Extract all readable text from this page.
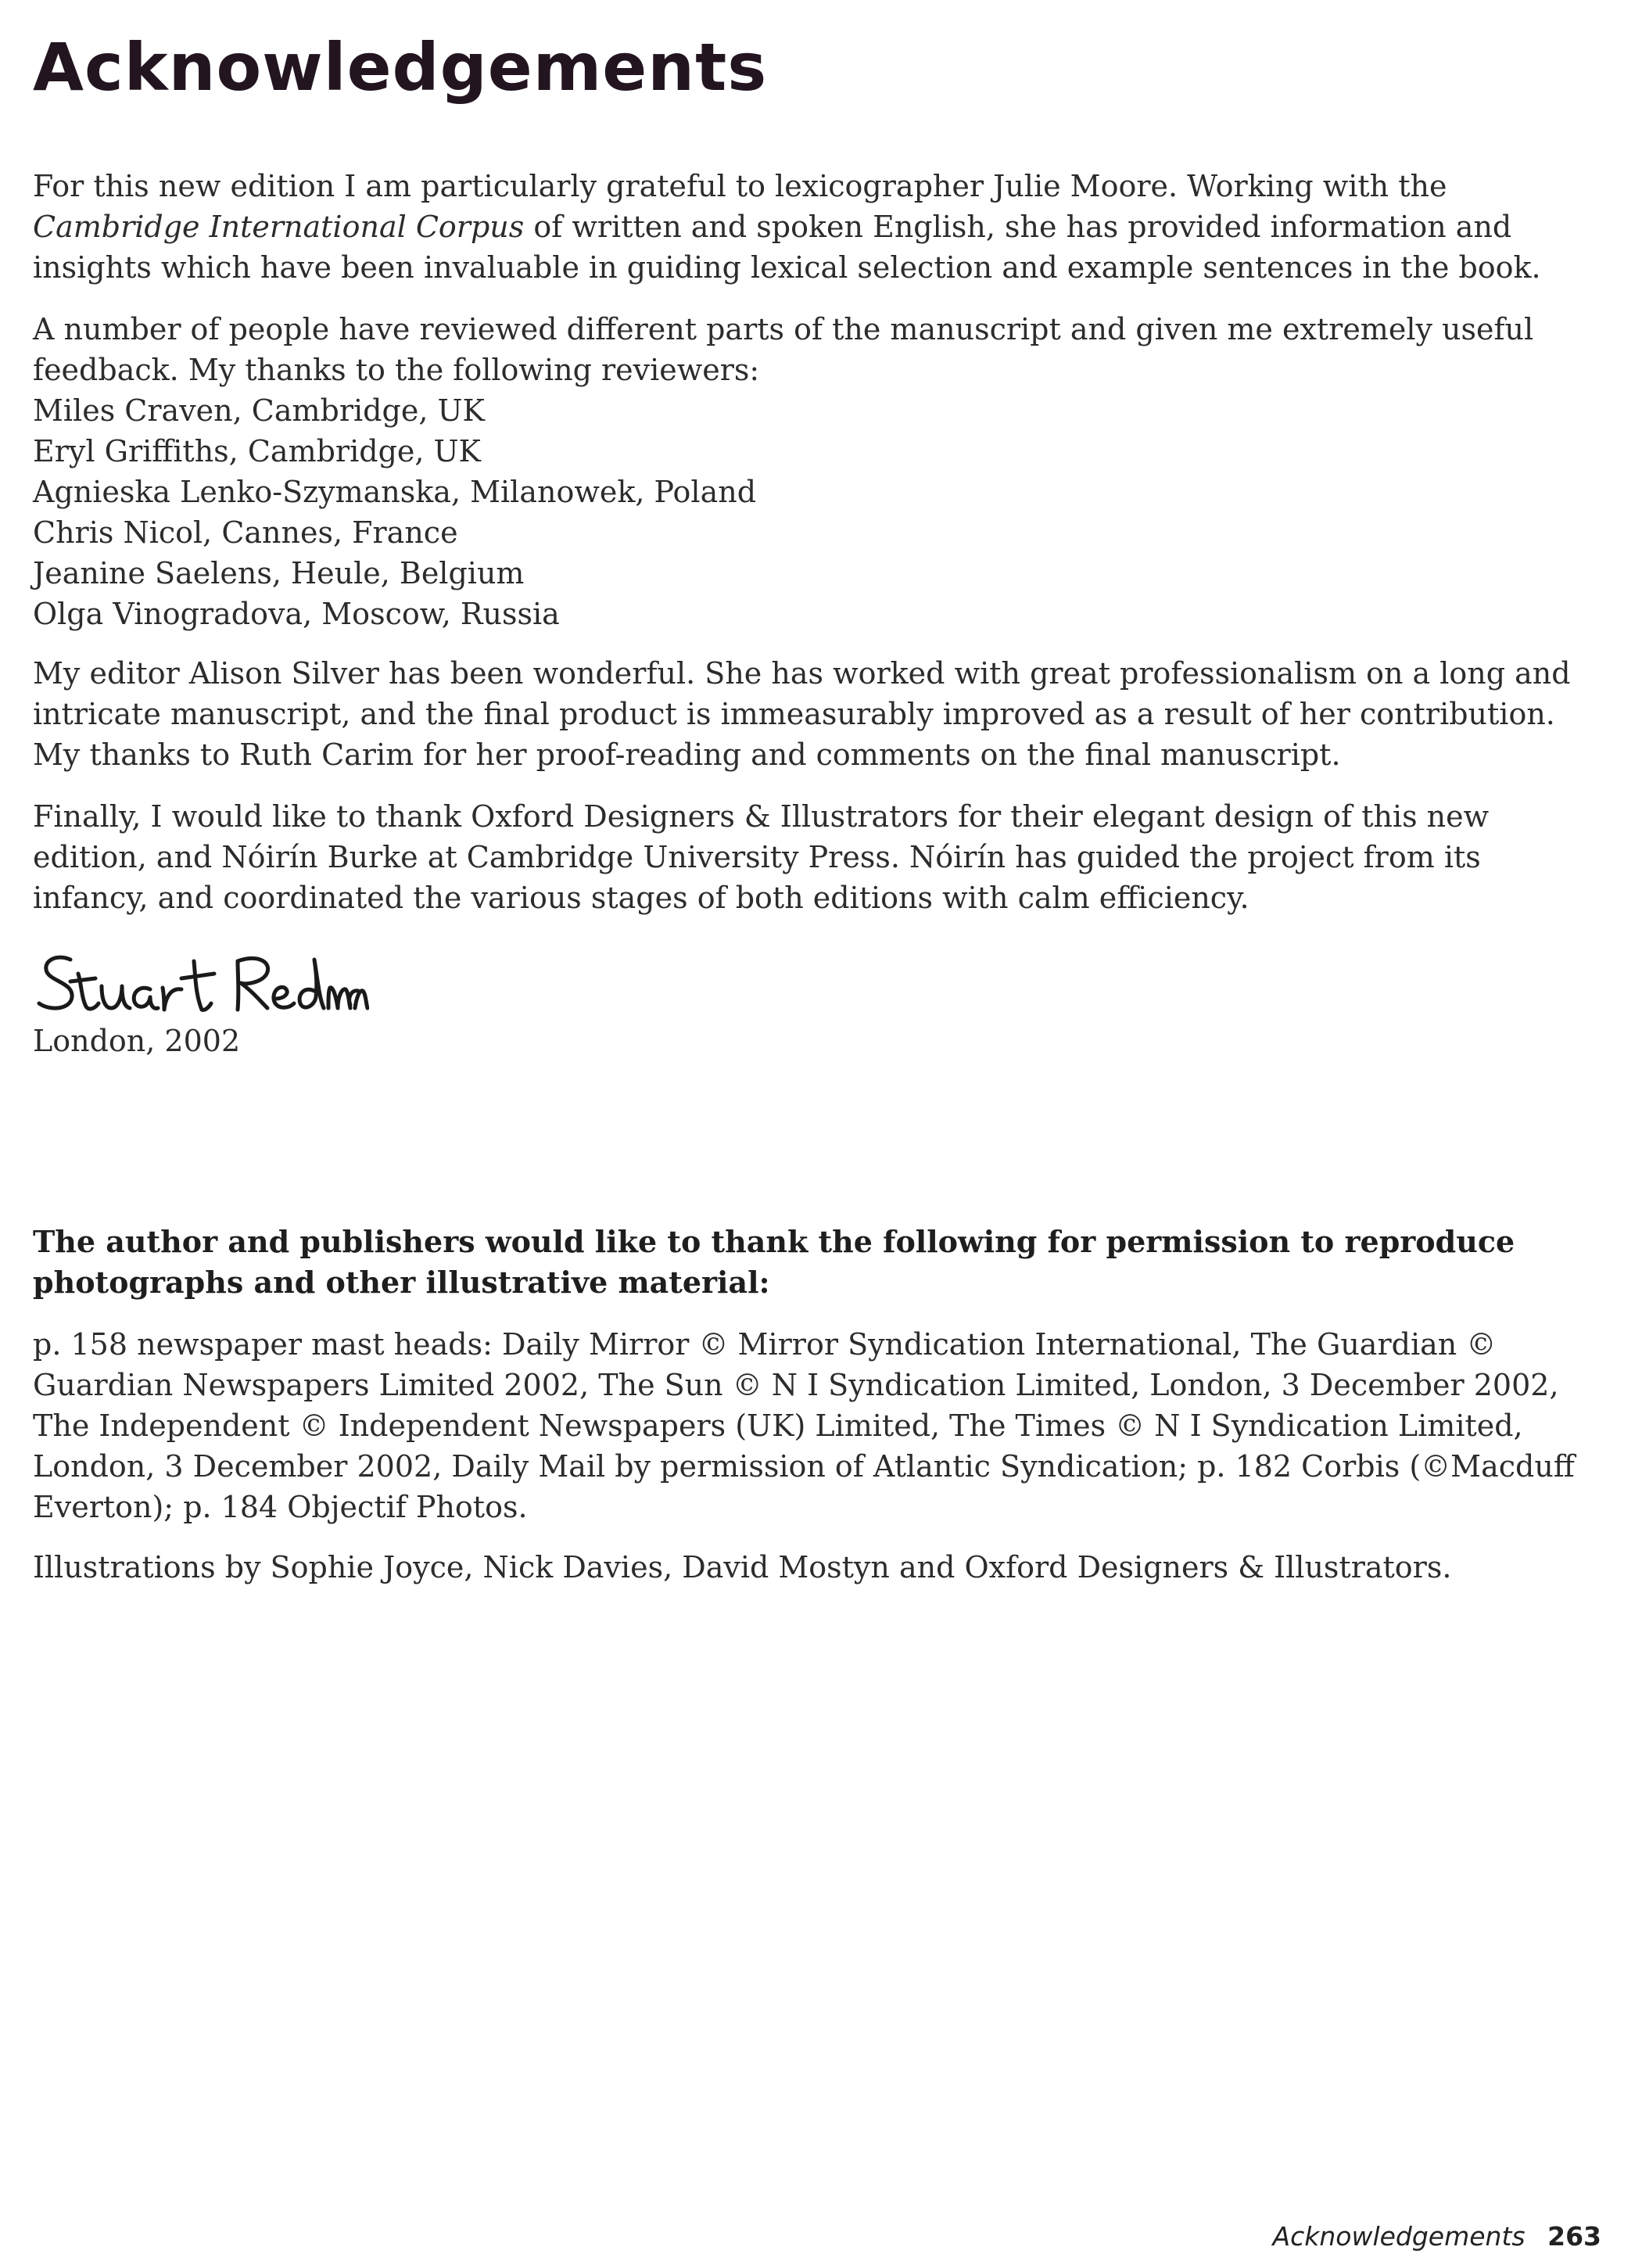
Acknowledgements

For this new edition I am particularly grateful to lexicographer Julie Moore. Working with the Cambridge International Corpus of written and spoken English, she has provided information and insights which have been invaluable in guiding lexical selection and example sentences in the book.

A number of people have reviewed different parts of the manuscript and given me extremely useful feedback. My thanks to the following reviewers:
Miles Craven, Cambridge, UK
Eryl Griffiths, Cambridge, UK
Agnieska Lenko-Szymanska, Milanowek, Poland
Chris Nicol, Cannes, France
Jeanine Saelens, Heule, Belgium
Olga Vinogradova, Moscow, Russia

My editor Alison Silver has been wonderful. She has worked with great professionalism on a long and intricate manuscript, and the final product is immeasurably improved as a result of her contribution. My thanks to Ruth Carim for her proof-reading and comments on the final manuscript.

Finally, I would like to thank Oxford Designers & Illustrators for their elegant design of this new edition, and Nóirín Burke at Cambridge University Press. Nóirín has guided the project from its infancy, and coordinated the various stages of both editions with calm efficiency.

London, 2002

The author and publishers would like to thank the following for permission to reproduce photographs and other illustrative material:

p. 158 newspaper mast heads: Daily Mirror © Mirror Syndication International, The Guardian © Guardian Newspapers Limited 2002, The Sun © N I Syndication Limited, London, 3 December 2002, The Independent © Independent Newspapers (UK) Limited, The Times © N I Syndication Limited, London, 3 December 2002, Daily Mail by permission of Atlantic Syndication; p. 182 Corbis (©Macduff Everton); p. 184 Objectif Photos.

Illustrations by Sophie Joyce, Nick Davies, David Mostyn and Oxford Designers & Illustrators.

Acknowledgements 263
